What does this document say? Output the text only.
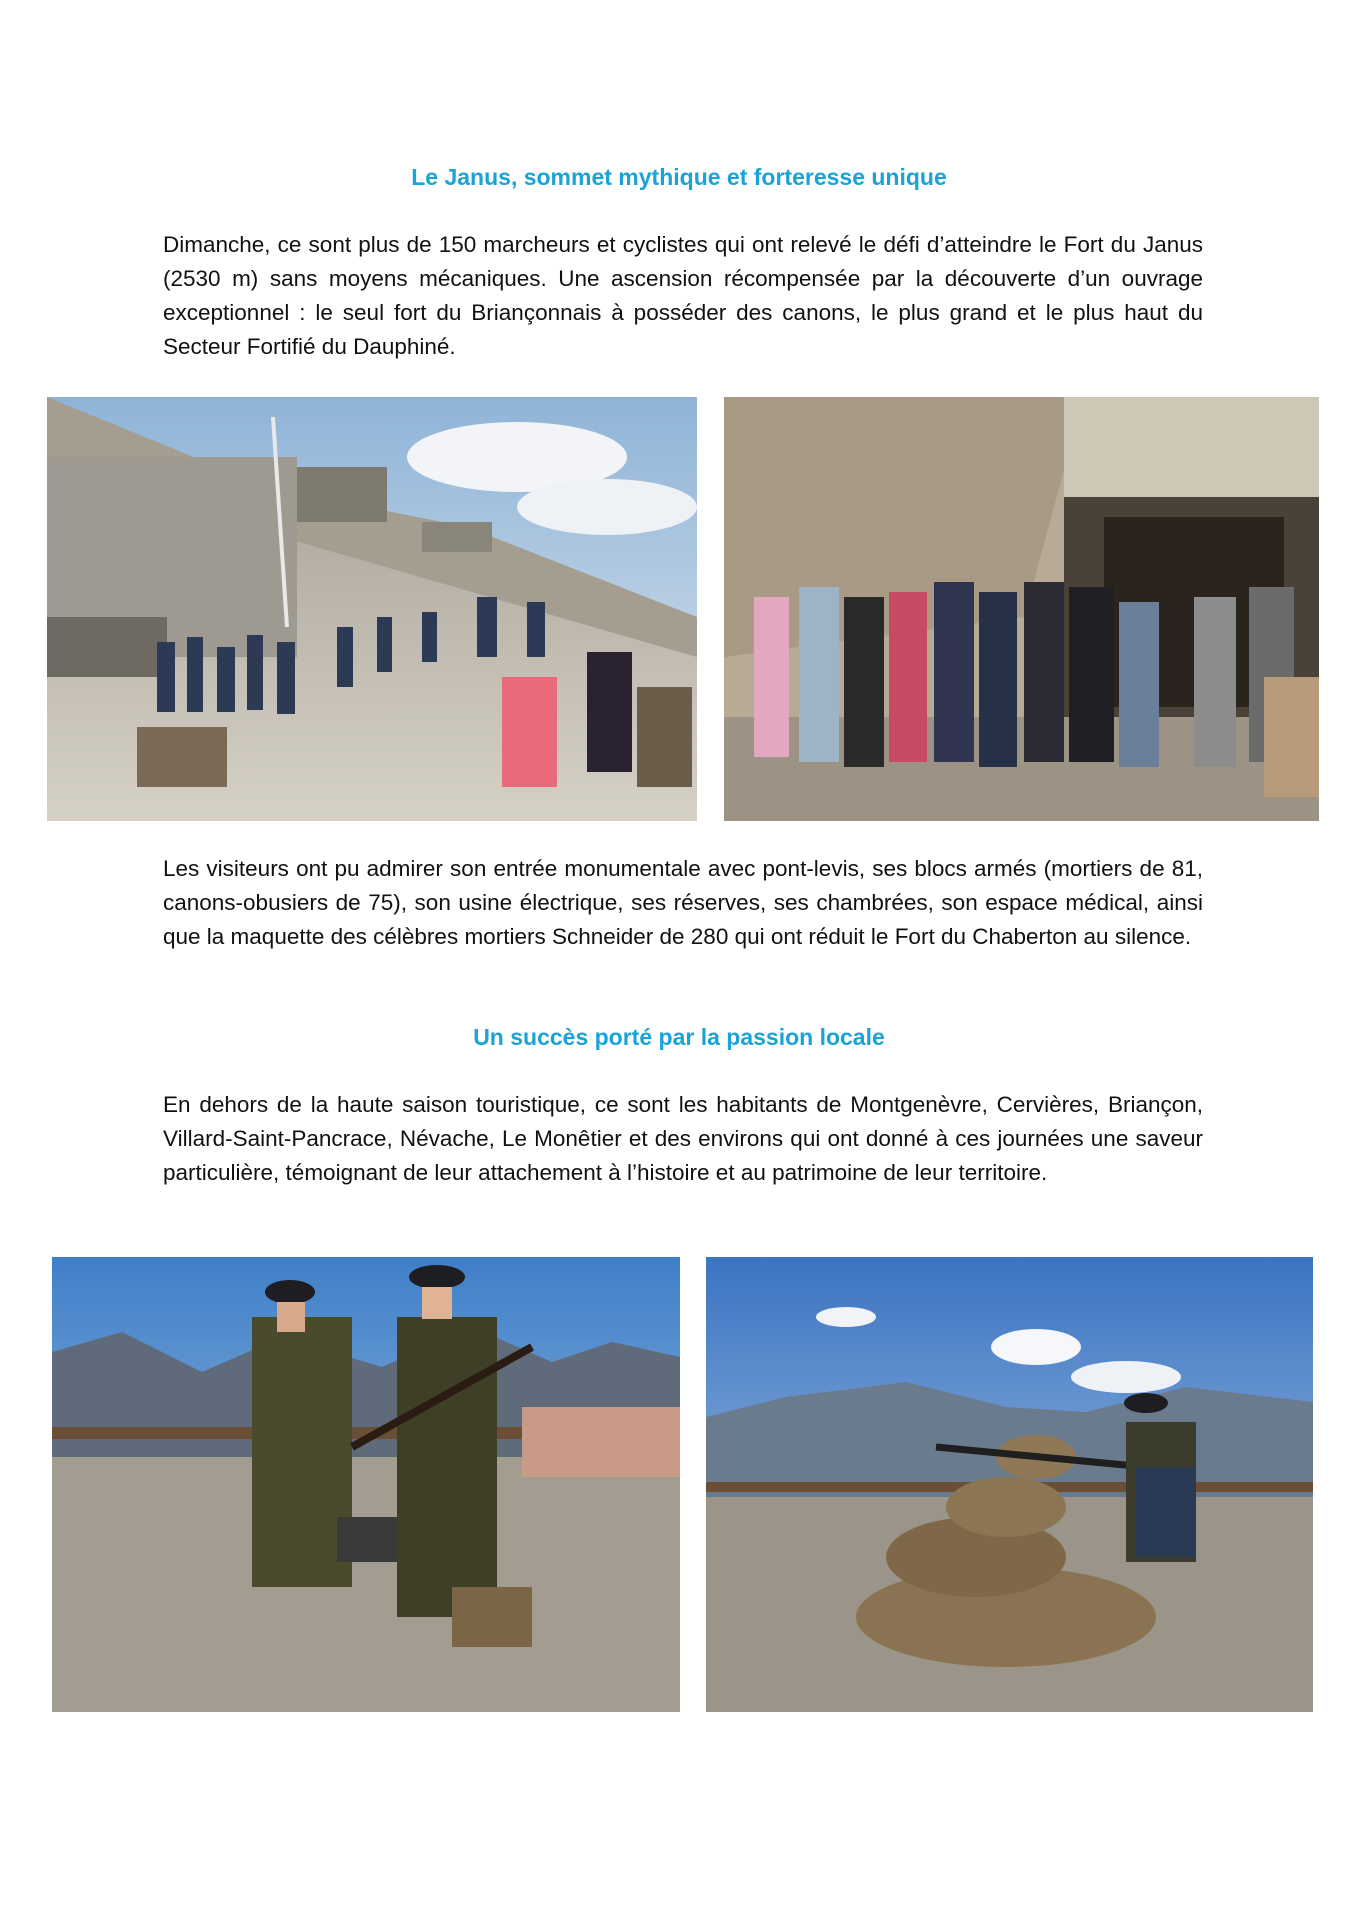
Le Janus, sommet mythique et forteresse unique

Dimanche, ce sont plus de 150 marcheurs et cyclistes qui ont relevé le défi d’atteindre le Fort du Janus (2530 m) sans moyens mécaniques. Une ascension récompensée par la découverte d’un ouvrage exceptionnel : le seul fort du Briançonnais à posséder des canons, le plus grand et le plus haut du Secteur Fortifié du Dauphiné.

Les visiteurs ont pu admirer son entrée monumentale avec pont-levis, ses blocs armés (mortiers de 81, canons-obusiers de 75), son usine électrique, ses réserves, ses chambrées, son espace médical, ainsi que la maquette des célèbres mortiers Schneider de 280 qui ont réduit le Fort du Chaberton au silence.

Un succès porté par la passion locale

En dehors de la haute saison touristique, ce sont les habitants de Montgenèvre, Cervières, Briançon, Villard-Saint-Pancrace, Névache, Le Monêtier et des environs qui ont donné à ces journées une saveur particulière, témoignant de leur attachement à l’histoire et au patrimoine de leur territoire.
